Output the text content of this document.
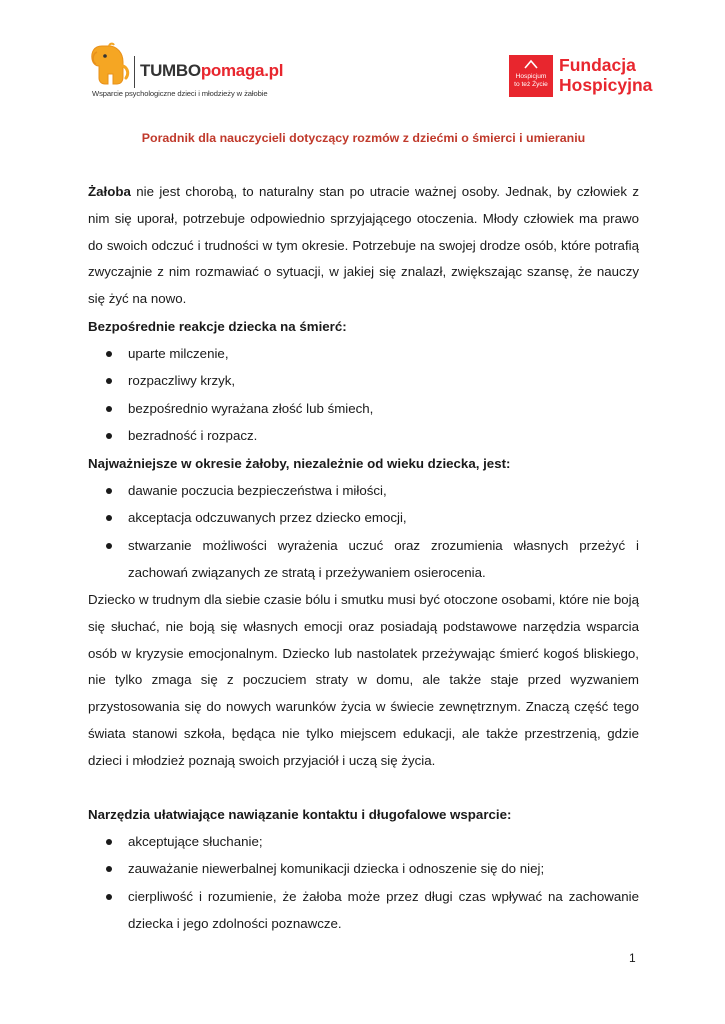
TUMBOpomaga.pl
Wsparcie psychologiczne dzieci i młodzieży w żałobie
Hospicjum
to też Życie
Fundacja
Hospicyjna
Poradnik dla nauczycieli dotyczący rozmów z dziećmi o śmierci i umieraniu

Żałoba nie jest chorobą, to naturalny stan po utracie ważnej osoby. Jednak, by człowiek z nim się uporał, potrzebuje odpowiednio sprzyjającego otoczenia. Młody człowiek ma prawo do swoich odczuć i trudności w tym okresie. Potrzebuje na swojej drodze osób, które potrafią zwyczajnie z nim rozmawiać o sytuacji, w jakiej się znalazł, zwiększając szansę, że nauczy się żyć na nowo.

Bezpośrednie reakcje dziecka na śmierć:
uparte milczenie,
rozpaczliwy krzyk,
bezpośrednio wyrażana złość lub śmiech,
bezradność i rozpacz.
Najważniejsze w okresie żałoby, niezależnie od wieku dziecka, jest:
dawanie poczucia bezpieczeństwa i miłości,
akceptacja odczuwanych przez dziecko emocji,
stwarzanie możliwości wyrażenia uczuć oraz zrozumienia własnych przeżyć i zachowań związanych ze stratą i przeżywaniem osierocenia.

Dziecko w trudnym dla siebie czasie bólu i smutku musi być otoczone osobami, które nie boją się słuchać, nie boją się własnych emocji oraz posiadają podstawowe narzędzia wsparcia osób w kryzysie emocjonalnym. Dziecko lub nastolatek przeżywając śmierć kogoś bliskiego, nie tylko zmaga się z poczuciem straty w domu, ale także staje przed wyzwaniem przystosowania się do nowych warunków życia w świecie zewnętrznym. Znaczą część tego świata stanowi szkoła, będąca nie tylko miejscem edukacji, ale także przestrzenią, gdzie dzieci i młodzież poznają swoich przyjaciół i uczą się życia.

Narzędzia ułatwiające nawiązanie kontaktu i długofalowe wsparcie:
akceptujące słuchanie;
zauważanie niewerbalnej komunikacji dziecka i odnoszenie się do niej;
cierpliwość i rozumienie, że żałoba może przez długi czas wpływać na zachowanie dziecka i jego zdolności poznawcze.
1
